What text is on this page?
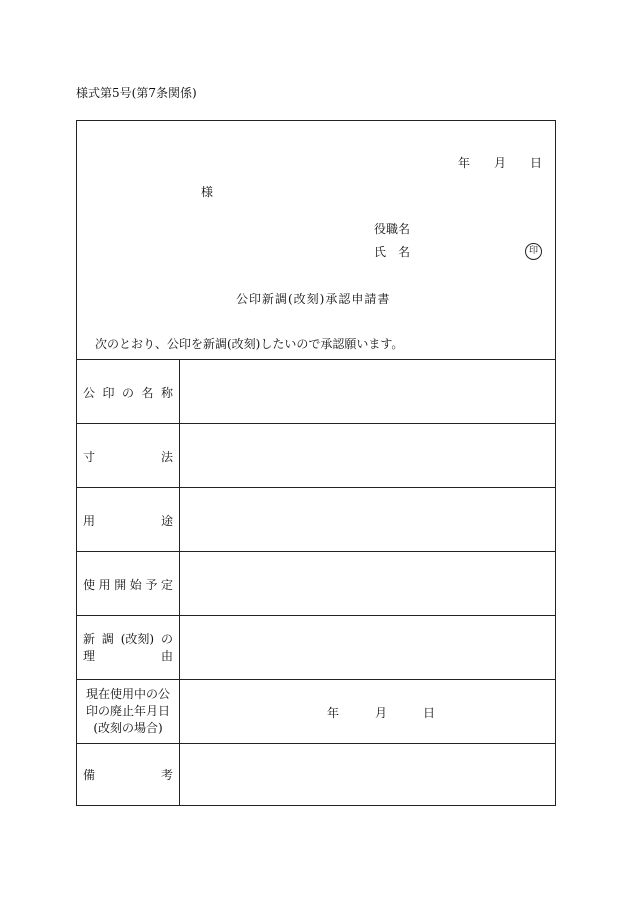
様式第5号(第7条関係)
年 月 日
様
役職名
氏 名	印
公印新調(改刻)承認申請書
次のとおり、公印を新調(改刻)したいので承認願います。
公 印 の 名 称
寸	法
用	途
使 用 開 始 予 定
新 調 (改刻) の
理	由
現在使用中の公
印の廃止年月日
(改刻の場合)
年	月	日
備	考
